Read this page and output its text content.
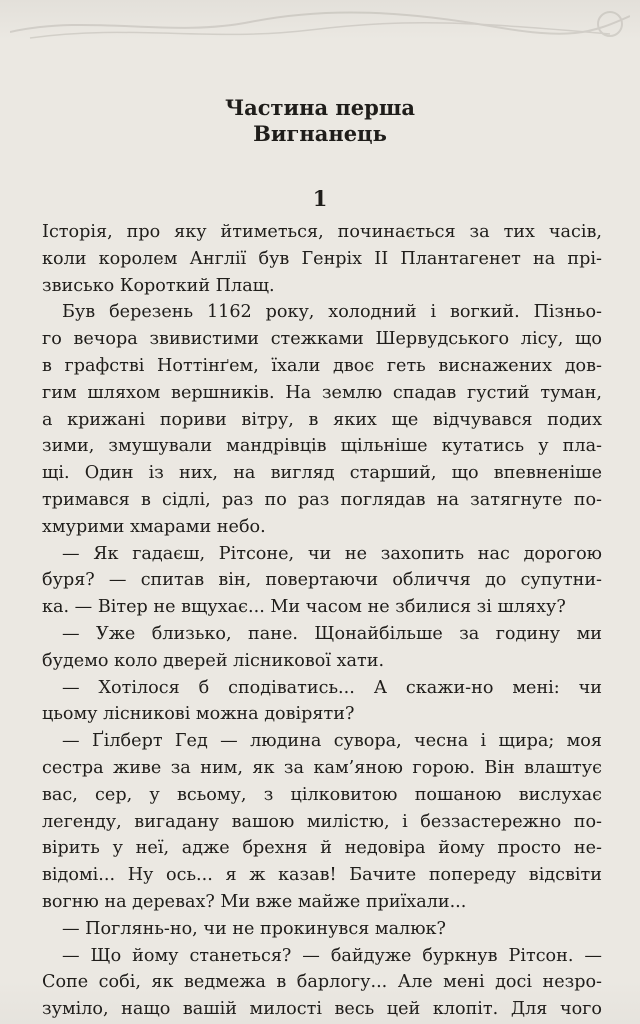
Частина перша
Вигнанець
1
Історія, про яку йтиметься, починається за тих часів,
коли королем Англії був Генріх II Плантагенет на прі-
звисько Короткий Плащ.
Був березень 1162 року, холодний і вогкий. Пізньо-
го вечора звивистими стежками Шервудського лісу, що
в графстві Ноттінґем, їхали двоє геть виснажених дов-
гим шляхом вершників. На землю спадав густий туман,
а крижані пориви вітру, в яких ще відчувався подих
зими, змушували мандрівців щільніше кутатись у пла-
щі. Один із них, на вигляд старший, що впевненіше
тримався в сідлі, раз по раз поглядав на затягнуте по-
хмурими хмарами небо.
— Як гадаєш, Рітсоне, чи не захопить нас дорогою
буря? — спитав він, повертаючи обличчя до супутни-
ка. — Вітер не вщухає... Ми часом не збилися зі шляху?
— Уже близько, пане. Щонайбільше за годину ми
будемо коло дверей лісникової хати.
— Хотілося б сподіватись... А скажи-но мені: чи
цьому лісникові можна довіряти?
— Ґілберт Гед — людина сувора, чесна і щира; моя
сестра живе за ним, як за кам’яною горою. Він влаштує
вас, сер, у всьому, з цілковитою пошаною вислухає
легенду, вигадану вашою милістю, і беззастережно по-
вірить у неї, адже брехня й недовіра йому просто не-
відомі... Ну ось... я ж казав! Бачите попереду відсвіти
вогню на деревах? Ми вже майже приїхали...
— Поглянь-но, чи не прокинувся малюк?
— Що йому станеться? — байдуже буркнув Рітсон. —
Сопе собі, як ведмежа в барлогу... Але мені досі незро-
зуміло, нащо вашій милості весь цей клопіт. Для чого
